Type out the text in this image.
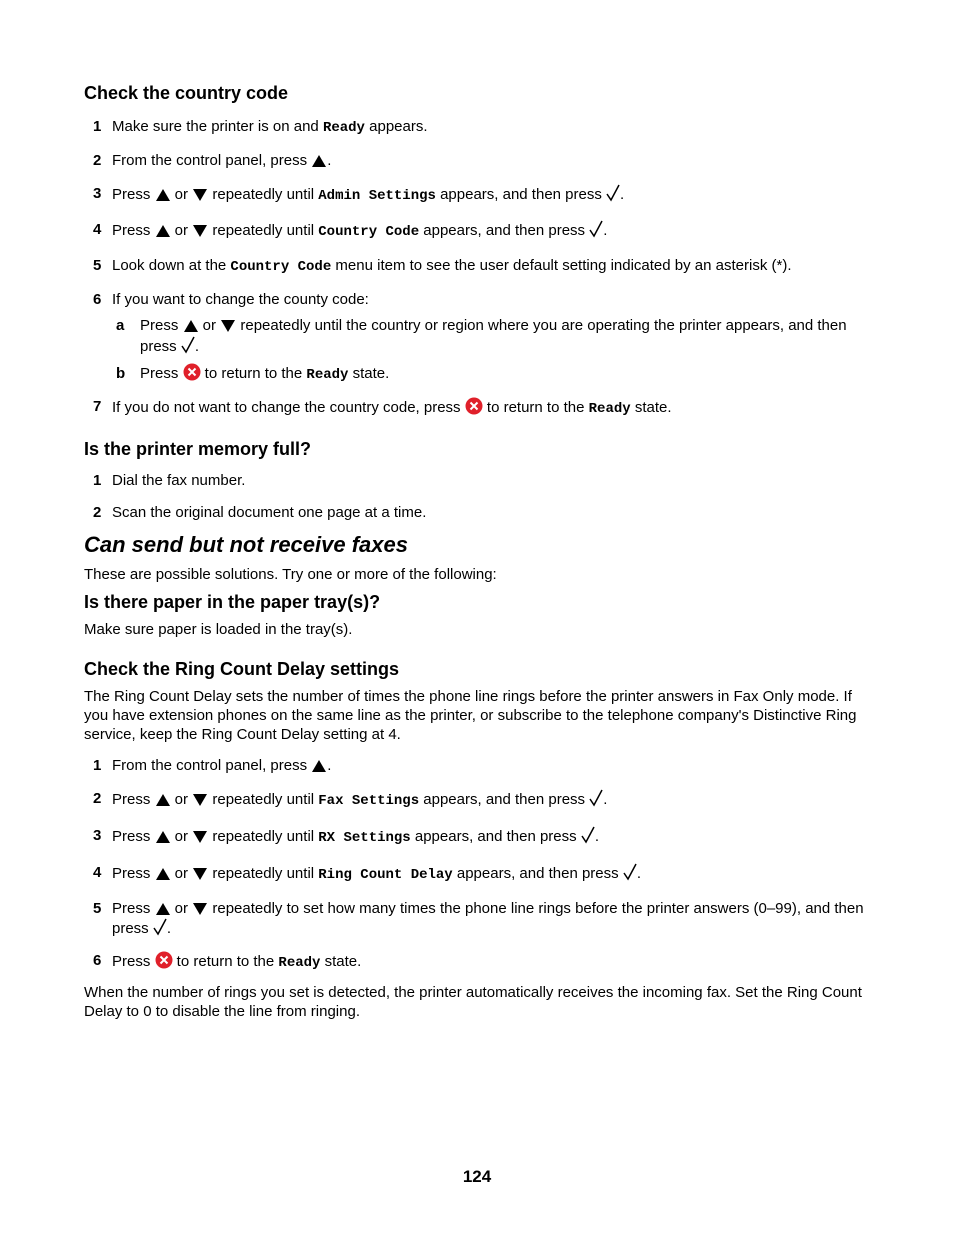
Check the country code
1 Make sure the printer is on and Ready appears.
2 From the control panel, press .
3 Press  or  repeatedly until Admin Settings appears, and then press .
4 Press  or  repeatedly until Country Code appears, and then press .
5 Look down at the Country Code menu item to see the user default setting indicated by an asterisk (*).
6 If you want to change the county code:
a Press  or  repeatedly until the country or region where you are operating the printer appears, and then press .
b Press  to return to the Ready state.
7 If you do not want to change the country code, press  to return to the Ready state.
Is the printer memory full?
1 Dial the fax number.
2 Scan the original document one page at a time.
Can send but not receive faxes

These are possible solutions. Try one or more of the following:

Is there paper in the paper tray(s)?

Make sure paper is loaded in the tray(s).

Check the Ring Count Delay settings

The Ring Count Delay sets the number of times the phone line rings before the printer answers in Fax Only mode. If you have extension phones on the same line as the printer, or subscribe to the telephone company's Distinctive Ring service, keep the Ring Count Delay setting at 4.

1 From the control panel, press .
2 Press  or  repeatedly until Fax Settings appears, and then press .
3 Press  or  repeatedly until RX Settings appears, and then press .
4 Press  or  repeatedly until Ring Count Delay appears, and then press .
5 Press  or  repeatedly to set how many times the phone line rings before the printer answers (0–99), and then press .
6 Press  to return to the Ready state.

When the number of rings you set is detected, the printer automatically receives the incoming fax. Set the Ring Count Delay to 0 to disable the line from ringing.

124
